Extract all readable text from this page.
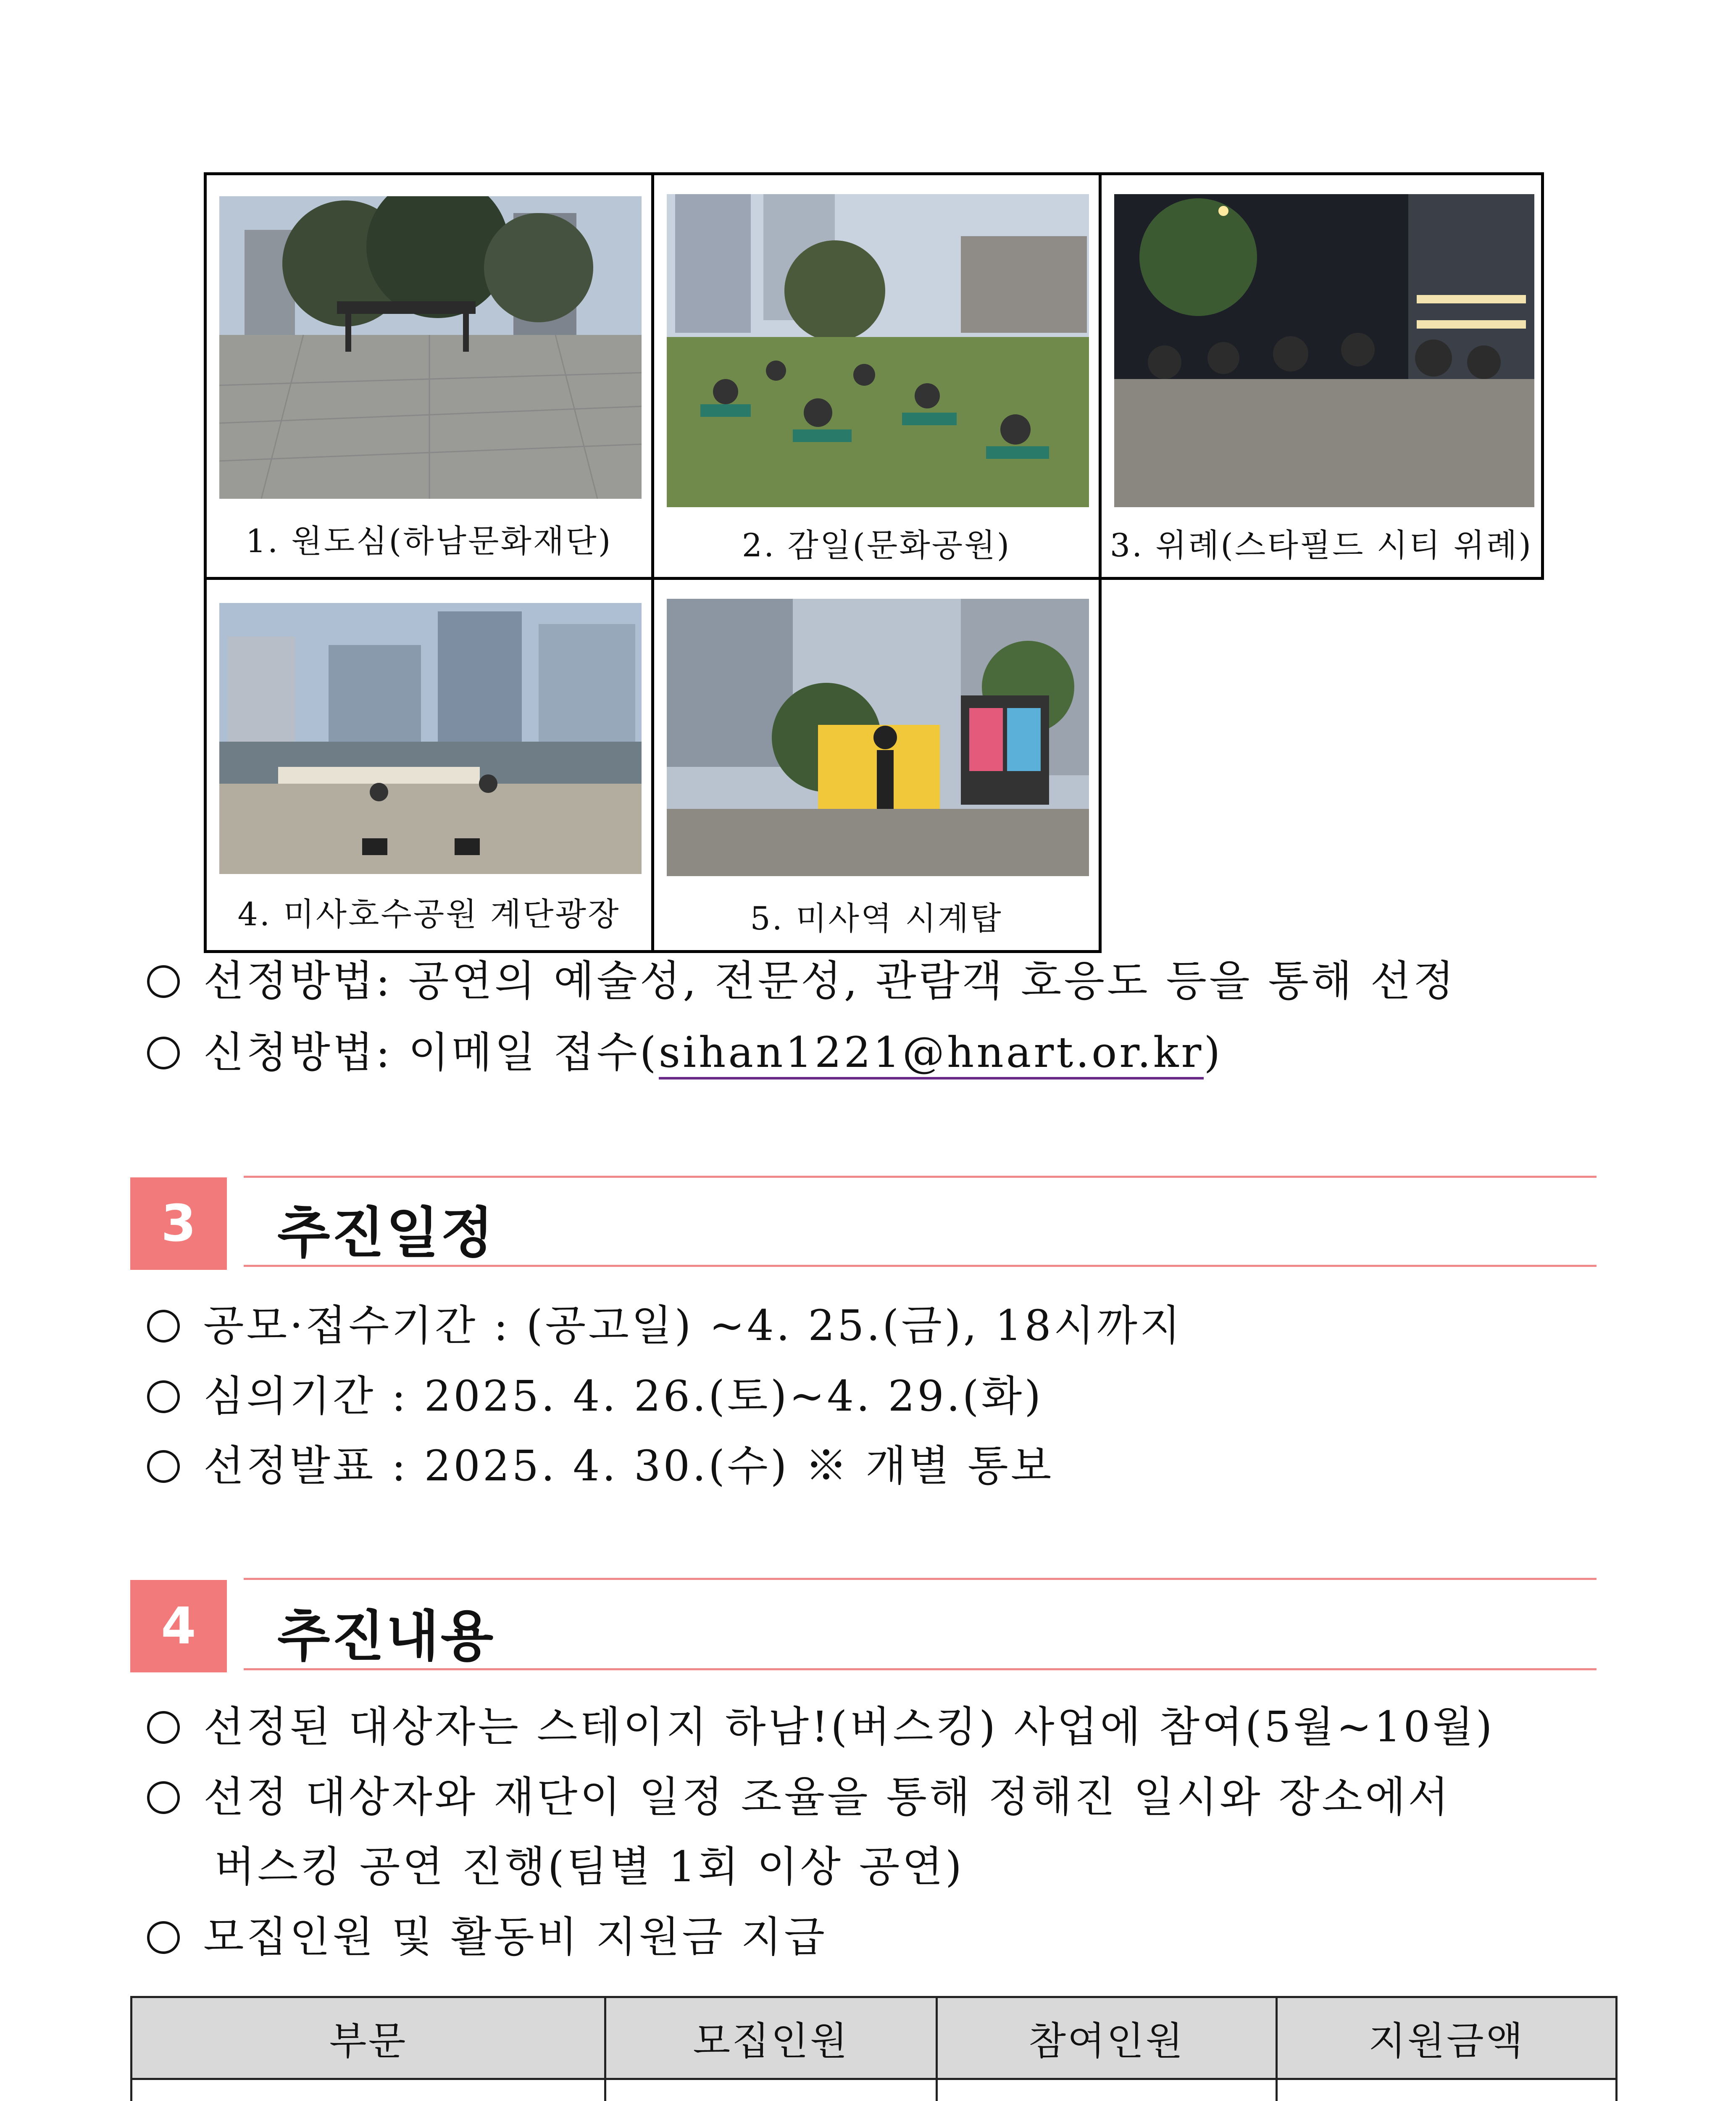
1. 원도심(하남문화재단)	2. 감일(문화공원)	3. 위례(스타필드 시티 위례)
4. 미사호수공원 계단광장	5. 미사역 시계탑
선정방법: 공연의 예술성, 전문성, 관람객 호응도 등을 통해 선정
신청방법: 이메일 접수(sihan1221@hnart.or.kr)
3	추진일정
공모·접수기간 : (공고일) ~4. 25.(금), 18시까지
심의기간 : 2025. 4. 26.(토)~4. 29.(화)
선정발표 : 2025. 4. 30.(수) ※ 개별 통보
4	추진내용
선정된 대상자는 스테이지 하남!(버스킹) 사업에 참여(5월~10월)
선정 대상자와 재단이 일정 조율을 통해 정해진 일시와 장소에서
버스킹 공연 진행(팀별 1회 이상 공연)
모집인원 및 활동비 지원금 지급
부문	모집인원	참여인원	지원금액
